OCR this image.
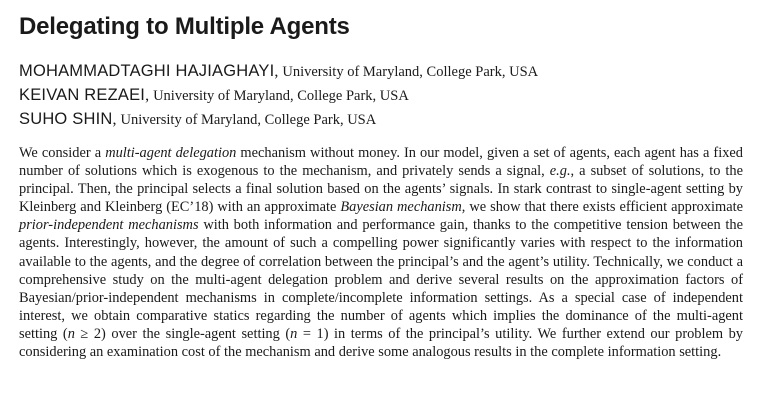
Delegating to Multiple Agents
MOHAMMADTAGHI HAJIAGHAYI, University of Maryland, College Park, USA
KEIVAN REZAEI, University of Maryland, College Park, USA
SUHO SHIN, University of Maryland, College Park, USA

We consider a multi-agent delegation mechanism without money. In our model, given a set of agents, each agent has a fixed number of solutions which is exogenous to the mechanism, and privately sends a signal, e.g., a subset of solutions, to the principal. Then, the principal selects a final solution based on the agents’ signals. In stark contrast to single-agent setting by Kleinberg and Kleinberg (EC’18) with an approximate Bayesian mechanism, we show that there exists efficient approximate prior-independent mechanisms with both information and performance gain, thanks to the competitive tension between the agents. Interestingly, however, the amount of such a compelling power significantly varies with respect to the information available to the agents, and the degree of correlation between the principal’s and the agent’s utility. Technically, we conduct a comprehensive study on the multi-agent delegation problem and derive several results on the approximation factors of Bayesian/prior-independent mechanisms in complete/incomplete information settings. As a special case of independent interest, we obtain comparative statics regarding the number of agents which implies the dominance of the multi-agent setting (n ≥ 2) over the single-agent setting (n = 1) in terms of the principal’s utility. We further extend our problem by considering an examination cost of the mechanism and derive some analogous results in the complete information setting.
